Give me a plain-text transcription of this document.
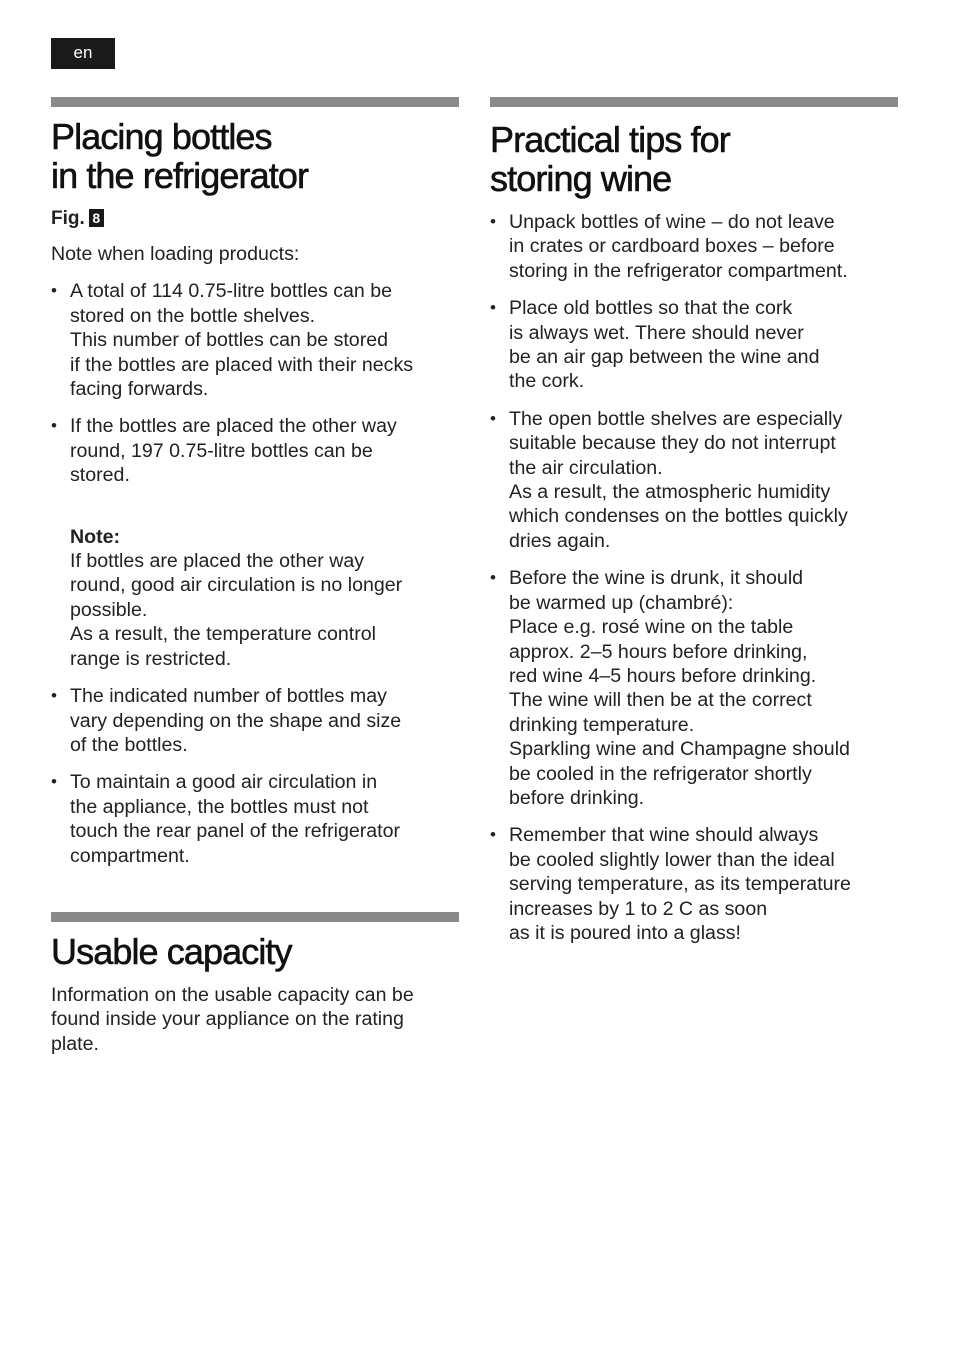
en
Placing bottles
in the refrigerator
Fig. 8

Note when loading products:

• A total of 114 0.75-litre bottles can be
stored on the bottle shelves.
This number of bottles can be stored
if the bottles are placed with their necks
facing forwards.
• If the bottles are placed the other way
round, 197 0.75-litre bottles can be
stored.
Note:
If bottles are placed the other way
round, good air circulation is no longer
possible.
As a result, the temperature control
range is restricted.
• The indicated number of bottles may
vary depending on the shape and size
of the bottles.
• To maintain a good air circulation in
the appliance, the bottles must not
touch the rear panel of the refrigerator
compartment.
Usable capacity

Information on the usable capacity can be
found inside your appliance on the rating
plate.

Practical tips for
storing wine
• Unpack bottles of wine – do not leave
in crates or cardboard boxes – before
storing in the refrigerator compartment.
• Place old bottles so that the cork
is always wet. There should never
be an air gap between the wine and
the cork.
• The open bottle shelves are especially
suitable because they do not interrupt
the air circulation.
As a result, the atmospheric humidity
which condenses on the bottles quickly
dries again.
• Before the wine is drunk, it should
be warmed up (chambré):
Place e.g. rosé wine on the table
approx. 2–5 hours before drinking,
red wine 4–5 hours before drinking.
The wine will then be at the correct
drinking temperature.
Sparkling wine and Champagne should
be cooled in the refrigerator shortly
before drinking.
• Remember that wine should always
be cooled slightly lower than the ideal
serving temperature, as its temperature
increases by 1 to 2 C as soon
as it is poured into a glass!
